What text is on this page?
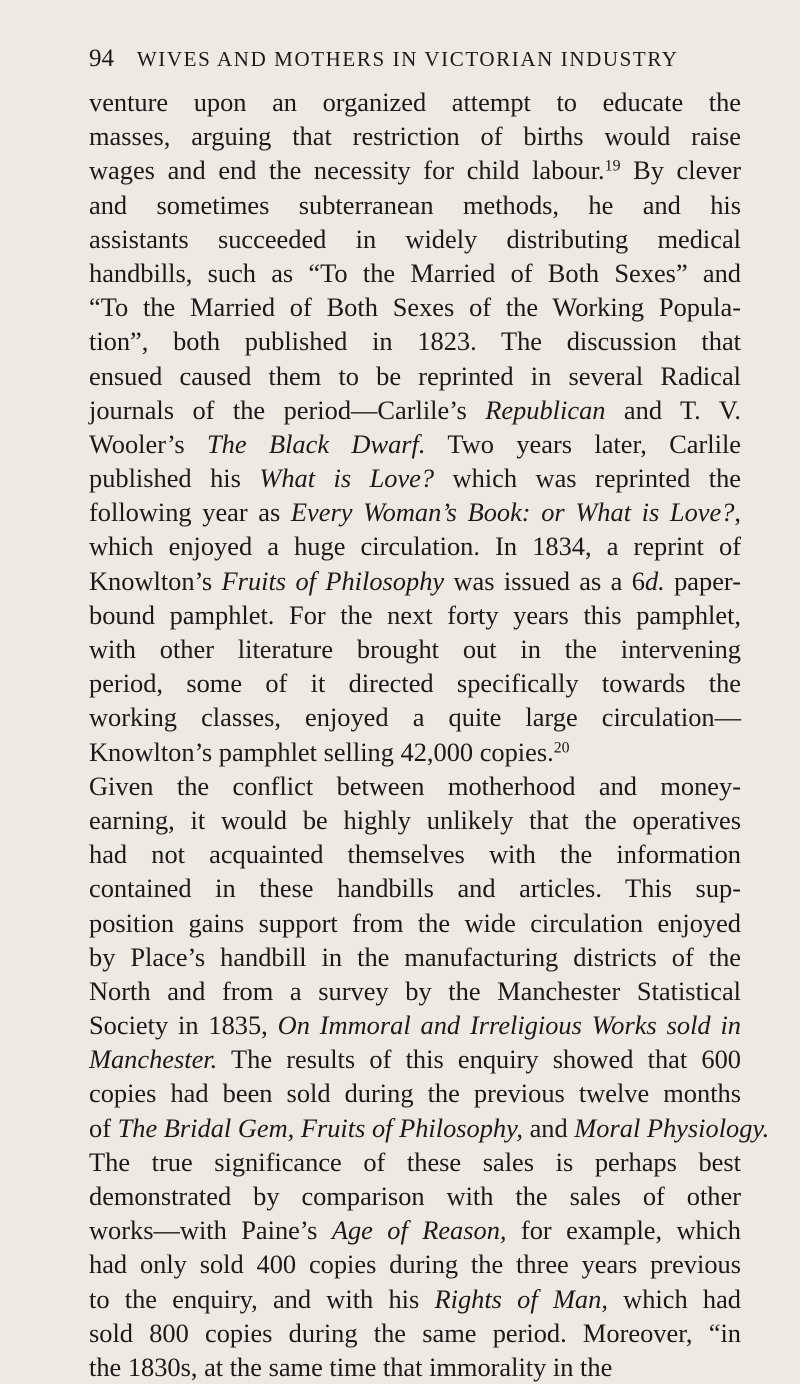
94 WIVES AND MOTHERS IN VICTORIAN INDUSTRY
venture upon an organized attempt to educate the
masses, arguing that restriction of births would raise
wages and end the necessity for child labour.$^{19}$ By clever
and sometimes subterranean methods, he and his
assistants succeeded in widely distributing medical
handbills, such as “To the Married of Both Sexes” and
“To the Married of Both Sexes of the Working Popula-
tion”, both published in 1823. The discussion that
ensued caused them to be reprinted in several Radical
journals of the period—Carlile’s Republican and T. V.
Wooler’s The Black Dwarf. Two years later, Carlile
published his What is Love? which was reprinted the
following year as Every Woman’s Book: or What is Love?,
which enjoyed a huge circulation. In 1834, a reprint of
Knowlton’s Fruits of Philosophy was issued as a 6d. paper-
bound pamphlet. For the next forty years this pamphlet,
with other literature brought out in the intervening
period, some of it directed specifically towards the
working classes, enjoyed a quite large circulation—
Knowlton’s pamphlet selling 42,000 copies.$^{20}$
Given the conflict between motherhood and money-
earning, it would be highly unlikely that the operatives
had not acquainted themselves with the information
contained in these handbills and articles. This sup-
position gains support from the wide circulation enjoyed
by Place’s handbill in the manufacturing districts of the
North and from a survey by the Manchester Statistical
Society in 1835, On Immoral and Irreligious Works sold in
Manchester. The results of this enquiry showed that 600
copies had been sold during the previous twelve months
of The Bridal Gem, Fruits of Philosophy, and Moral Physiology.
The true significance of these sales is perhaps best
demonstrated by comparison with the sales of other
works—with Paine’s Age of Reason, for example, which
had only sold 400 copies during the three years previous
to the enquiry, and with his Rights of Man, which had
sold 800 copies during the same period. Moreover, “in
the 1830s, at the same time that immorality in the
